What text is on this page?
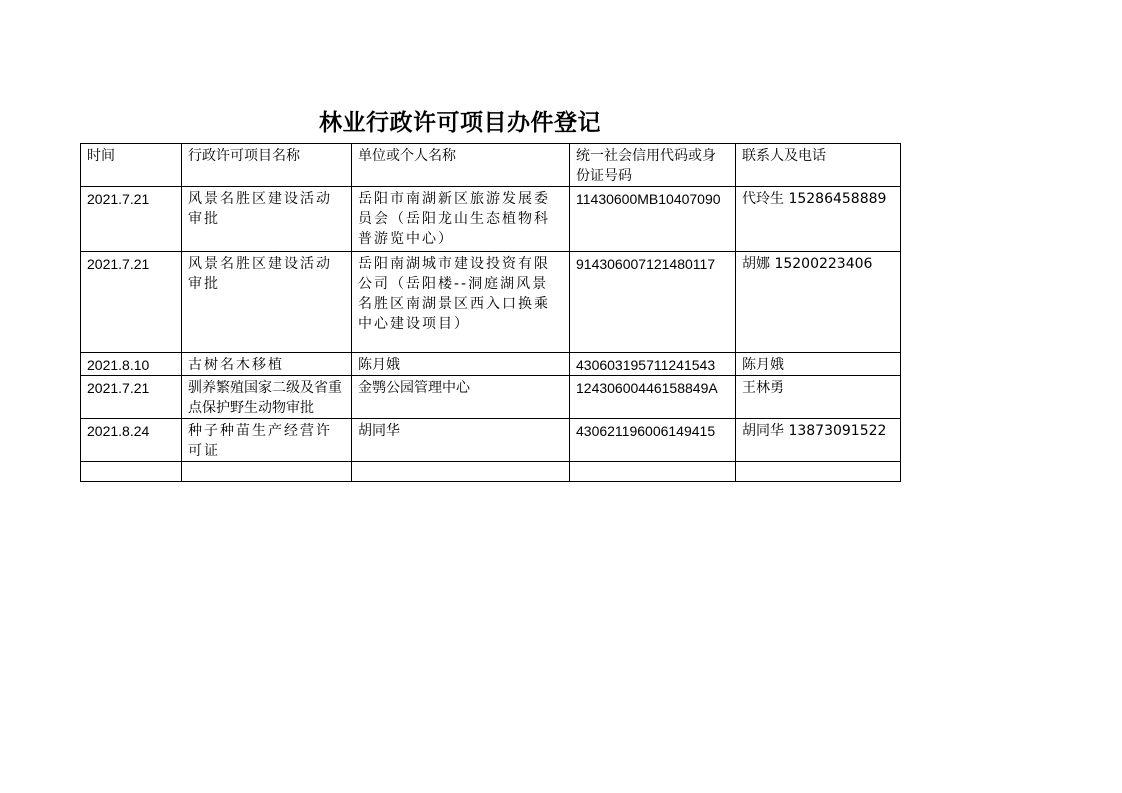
林业行政许可项目办件登记
时间	行政许可项目名称	单位或个人名称	统一社会信用代码或身份证号码	联系人及电话
2021.7.21	风景名胜区建设活动审批	岳阳市南湖新区旅游发展委员会（岳阳龙山生态植物科普游览中心）	11430600MB10407090	代玲生 15286458889
2021.7.21	风景名胜区建设活动审批	岳阳南湖城市建设投资有限公司（岳阳楼--洞庭湖风景名胜区南湖景区西入口换乘中心建设项目）	914306007121480117	胡娜 15200223406
2021.8.10	古树名木移植	陈月娥	430603195711241543	陈月娥
2021.7.21	驯养繁殖国家二级及省重点保护野生动物审批	金鹗公园管理中心	12430600446158849A	王林勇
2021.8.24	种子种苗生产经营许可证	胡同华	430621196006149415	胡同华 13873091522
